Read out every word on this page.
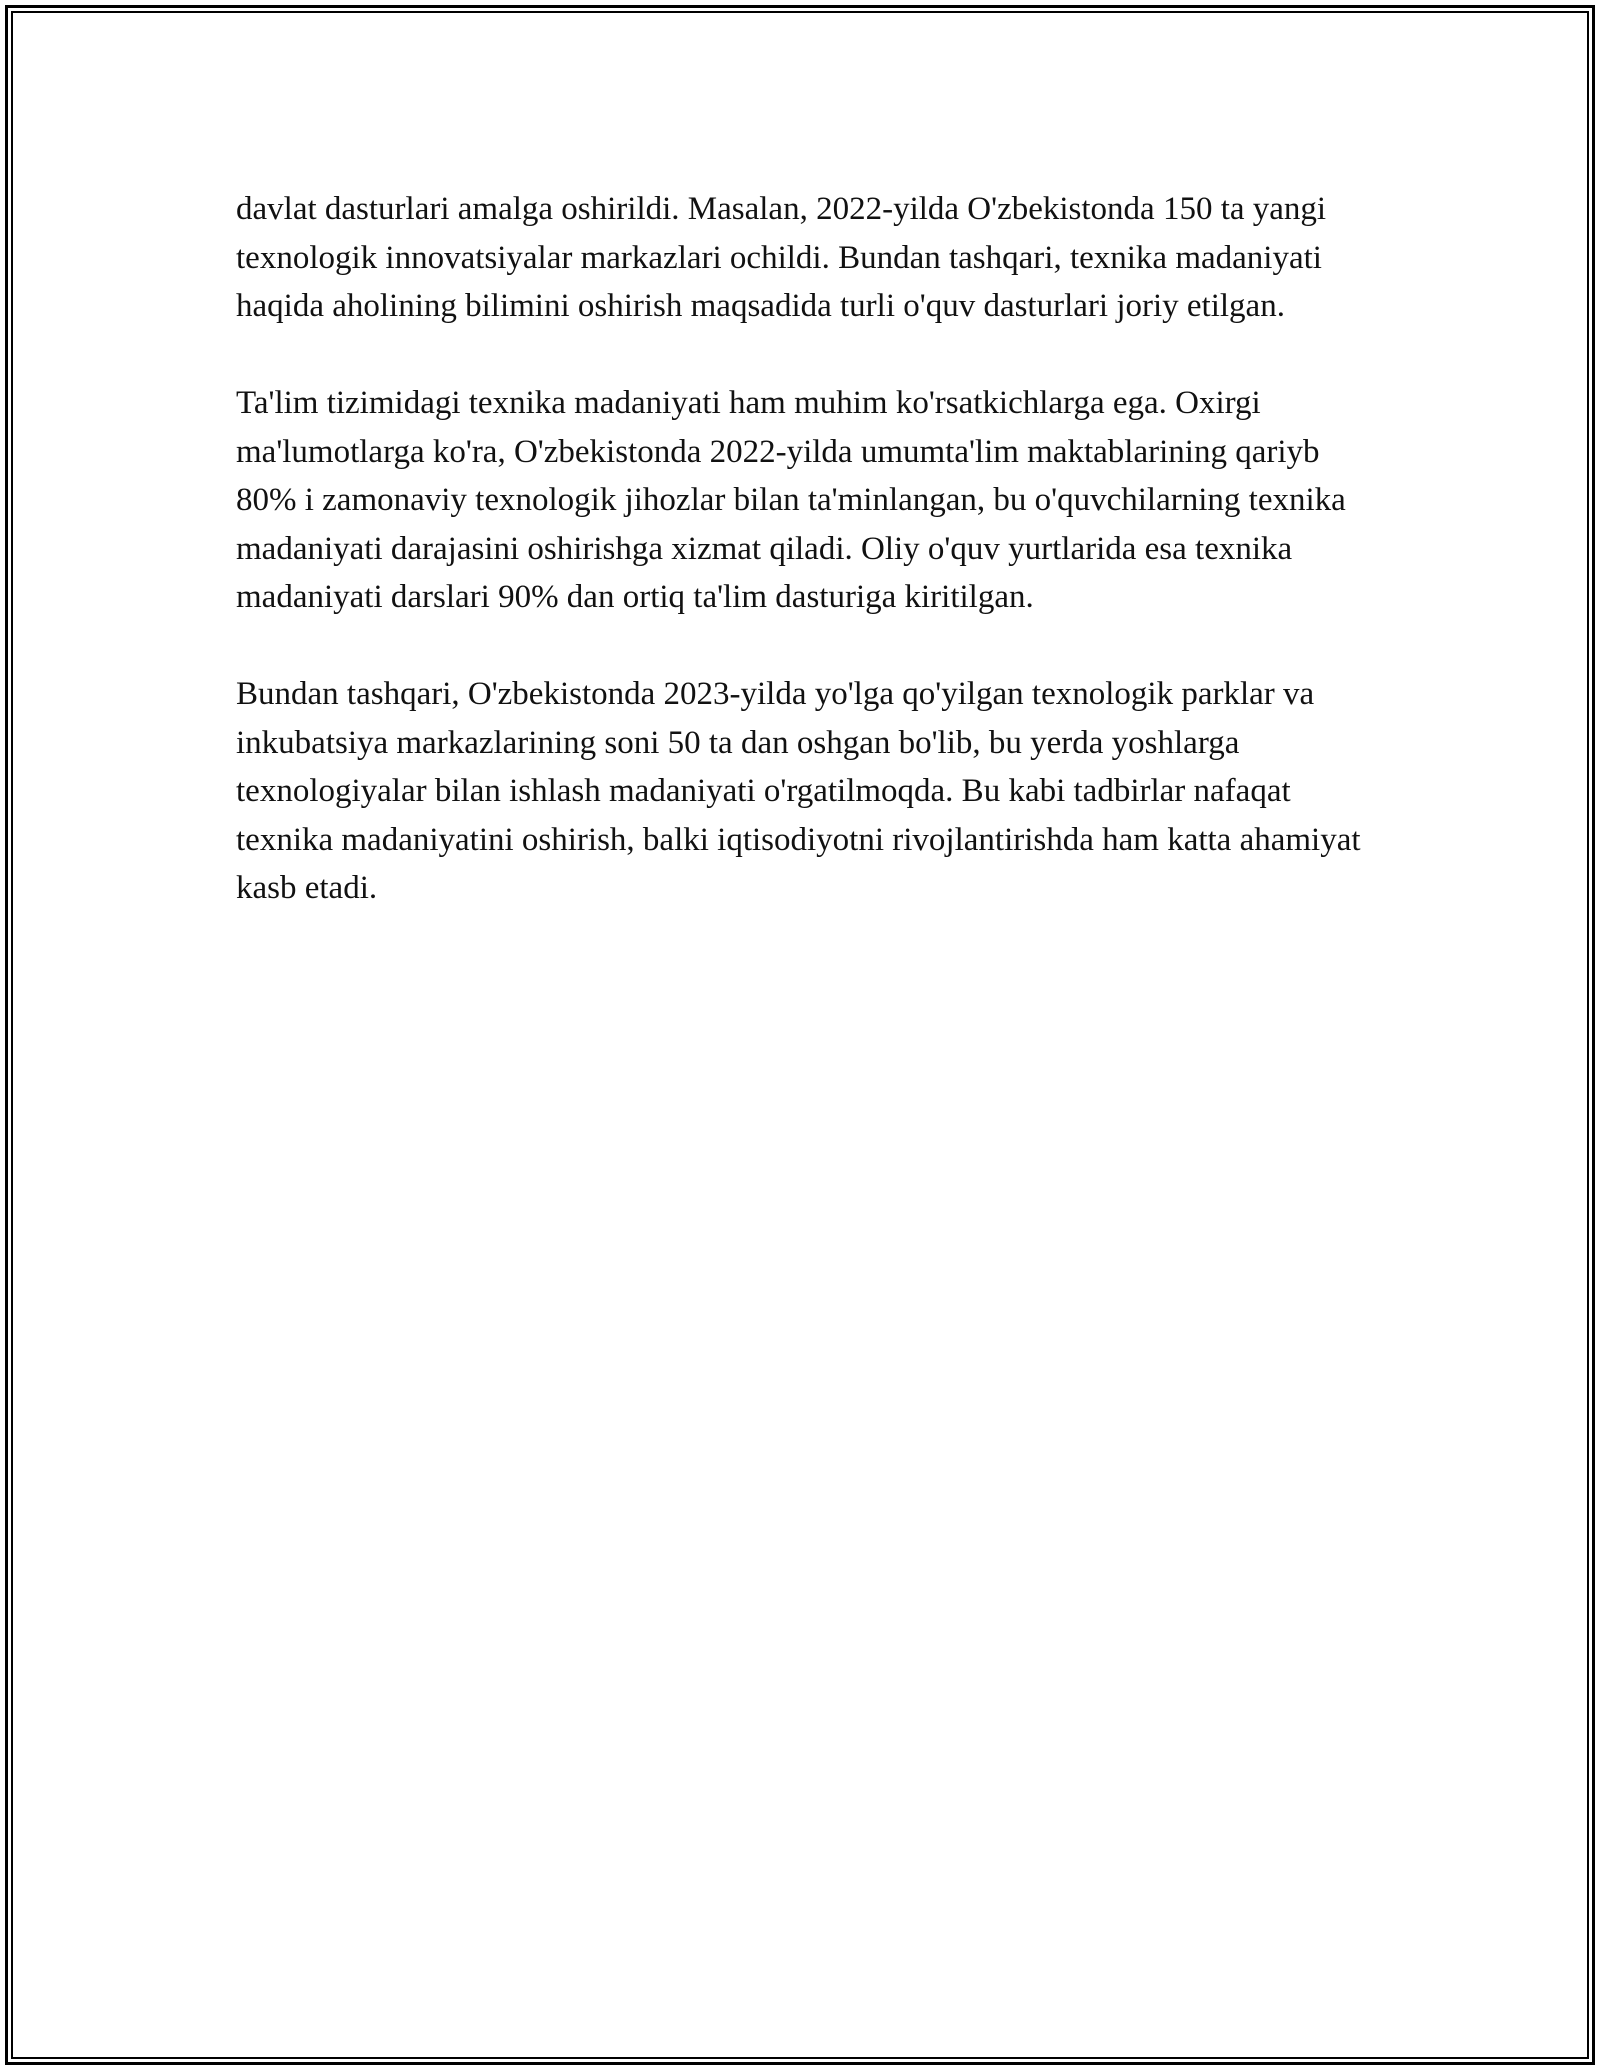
davlat dasturlari amalga oshirildi. Masalan, 2022-yilda O'zbekistonda 150 ta yangi texnologik innovatsiyalar markazlari ochildi. Bundan tashqari, texnika madaniyati haqida aholining bilimini oshirish maqsadida turli o'quv dasturlari joriy etilgan.

Ta'lim tizimidagi texnika madaniyati ham muhim ko'rsatkichlarga ega. Oxirgi ma'lumotlarga ko'ra, O'zbekistonda 2022-yilda umumta'lim maktablarining qariyb 80% i zamonaviy texnologik jihozlar bilan ta'minlangan, bu o'quvchilarning texnika madaniyati darajasini oshirishga xizmat qiladi. Oliy o'quv yurtlarida esa texnika madaniyati darslari 90% dan ortiq ta'lim dasturiga kiritilgan.

Bundan tashqari, O'zbekistonda 2023-yilda yo'lga qo'yilgan texnologik parklar va inkubatsiya markazlarining soni 50 ta dan oshgan bo'lib, bu yerda yoshlarga texnologiyalar bilan ishlash madaniyati o'rgatilmoqda. Bu kabi tadbirlar nafaqat texnika madaniyatini oshirish, balki iqtisodiyotni rivojlantirishda ham katta ahamiyat kasb etadi.
